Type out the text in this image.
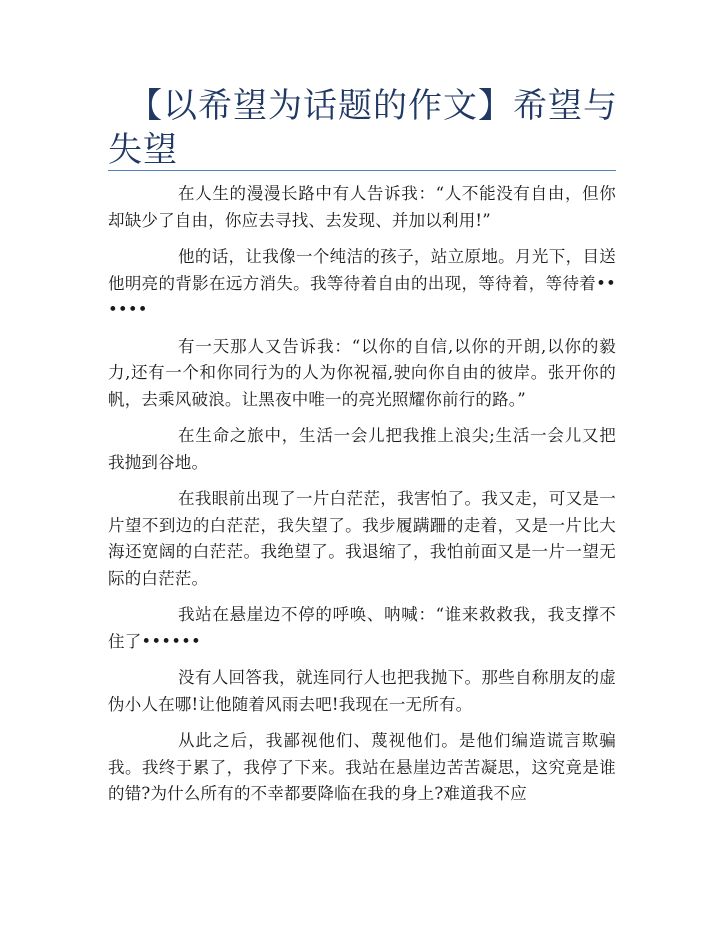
【以希望为话题的作文】希望与失望

在人生的漫漫长路中有人告诉我：“人不能没有自由，但你却缺少了自由，你应去寻找、去发现、并加以利用!”

他的话，让我像一个纯洁的孩子，站立原地。月光下，目送他明亮的背影在远方消失。我等待着自由的出现，等待着，等待着••••••

有一天那人又告诉我：“以你的自信,以你的开朗,以你的毅力,还有一个和你同行为的人为你祝福,驶向你自由的彼岸。张开你的帆，去乘风破浪。让黑夜中唯一的亮光照耀你前行的路。”

在生命之旅中，生活一会儿把我推上浪尖;生活一会儿又把我抛到谷地。

在我眼前出现了一片白茫茫，我害怕了。我又走，可又是一片望不到边的白茫茫，我失望了。我步履蹒跚的走着，又是一片比大海还宽阔的白茫茫。我绝望了。我退缩了，我怕前面又是一片一望无际的白茫茫。

我站在悬崖边不停的呼唤、呐喊：“谁来救救我，我支撑不住了••••••

没有人回答我，就连同行人也把我抛下。那些自称朋友的虚伪小人在哪!让他随着风雨去吧!我现在一无所有。

从此之后，我鄙视他们、蔑视他们。是他们编造谎言欺骗我。我终于累了，我停了下来。我站在悬崖边苦苦凝思，这究竟是谁的错?为什么所有的不幸都要降临在我的身上?难道我不应
